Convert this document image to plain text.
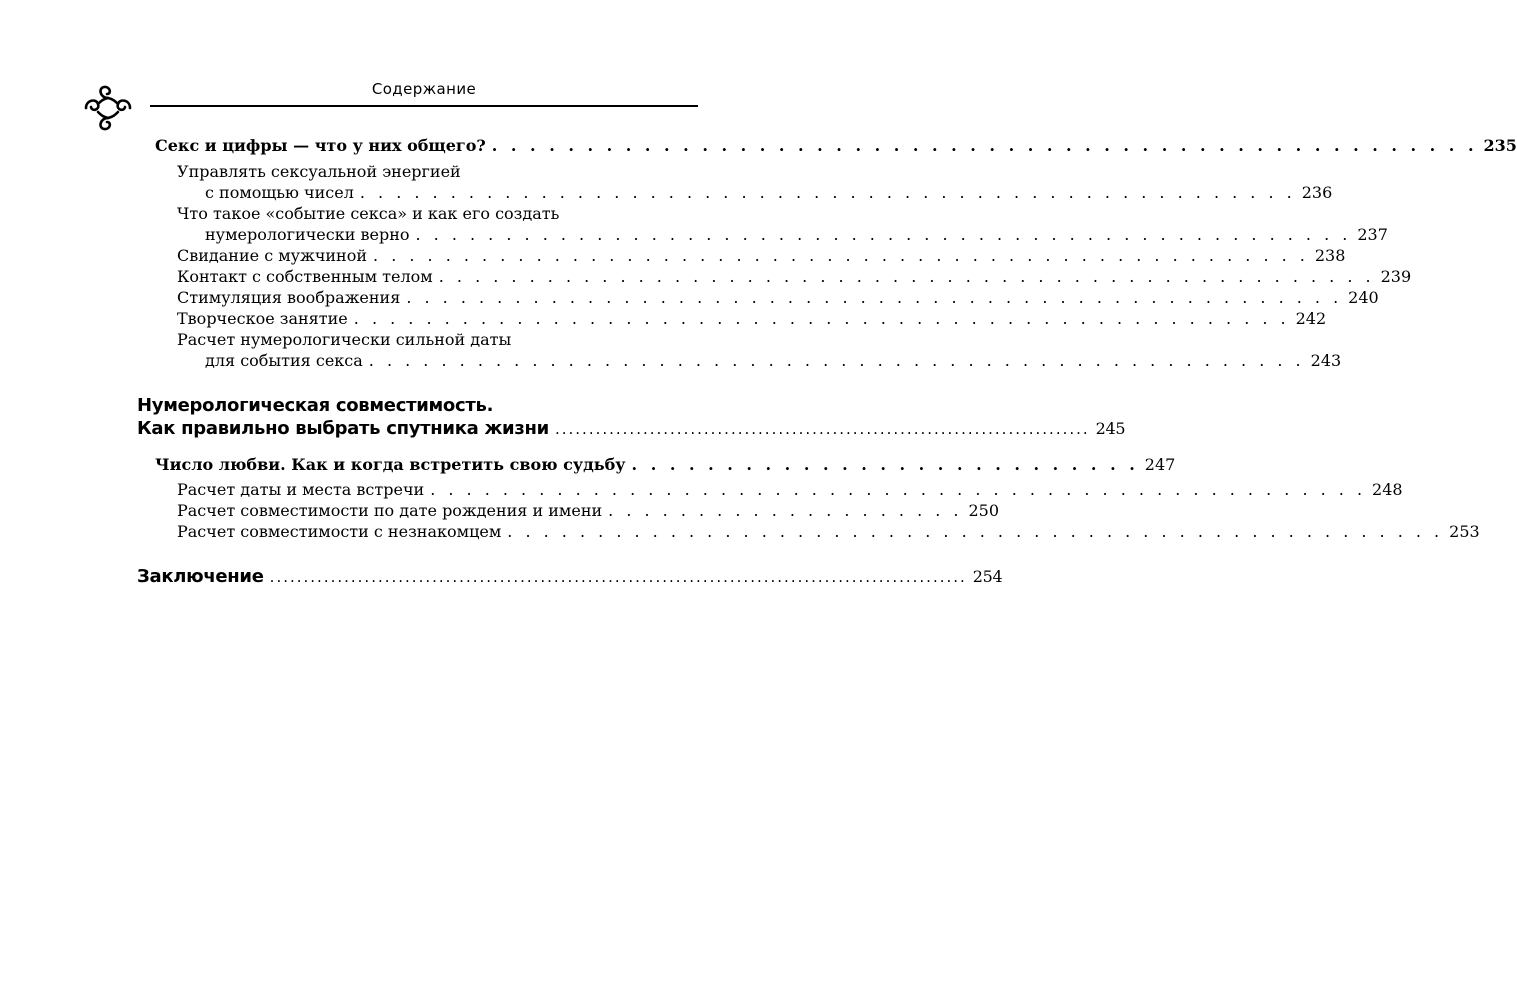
Содержание
Секс и цифры — что у них общего? . . . . . . . . . . . . . . . . . . . . . . . . . . . . . . . . . . . . . . . . . . . . . . . . . . . . 235
Управлять сексуальной энергией
с помощью чисел . . . . . . . . . . . . . . . . . . . . . . . . . . . . . . . . . . . . . . . . . . . . . . . . . . . . 236
Что такое «событие секса» и как его создать
нумерологически верно . . . . . . . . . . . . . . . . . . . . . . . . . . . . . . . . . . . . . . . . . . . . . . . . . . . . 237
Свидание с мужчиной . . . . . . . . . . . . . . . . . . . . . . . . . . . . . . . . . . . . . . . . . . . . . . . . . . . . 238
Контакт с собственным телом . . . . . . . . . . . . . . . . . . . . . . . . . . . . . . . . . . . . . . . . . . . . . . . . . . . . 239
Стимуляция воображения . . . . . . . . . . . . . . . . . . . . . . . . . . . . . . . . . . . . . . . . . . . . . . . . . . . . 240
Творческое занятие . . . . . . . . . . . . . . . . . . . . . . . . . . . . . . . . . . . . . . . . . . . . . . . . . . . . 242
Расчет нумерологически сильной даты
для события секса . . . . . . . . . . . . . . . . . . . . . . . . . . . . . . . . . . . . . . . . . . . . . . . . . . . . 243
Нумерологическая совместимость.
Как правильно выбрать спутника жизни ............................................................................... 245
Число любви. Как и когда встретить свою судьбу . . . . . . . . . . . . . . . . . . . . . . . . . . . 247
Расчет даты и места встречи . . . . . . . . . . . . . . . . . . . . . . . . . . . . . . . . . . . . . . . . . . . . . . . . . . . . 248
Расчет совместимости по дате рождения и имени . . . . . . . . . . . . . . . . . . . . 250
Расчет совместимости с незнакомцем . . . . . . . . . . . . . . . . . . . . . . . . . . . . . . . . . . . . . . . . . . . . . . . . . . . . 253
Заключение ....................................................................................................... 254
